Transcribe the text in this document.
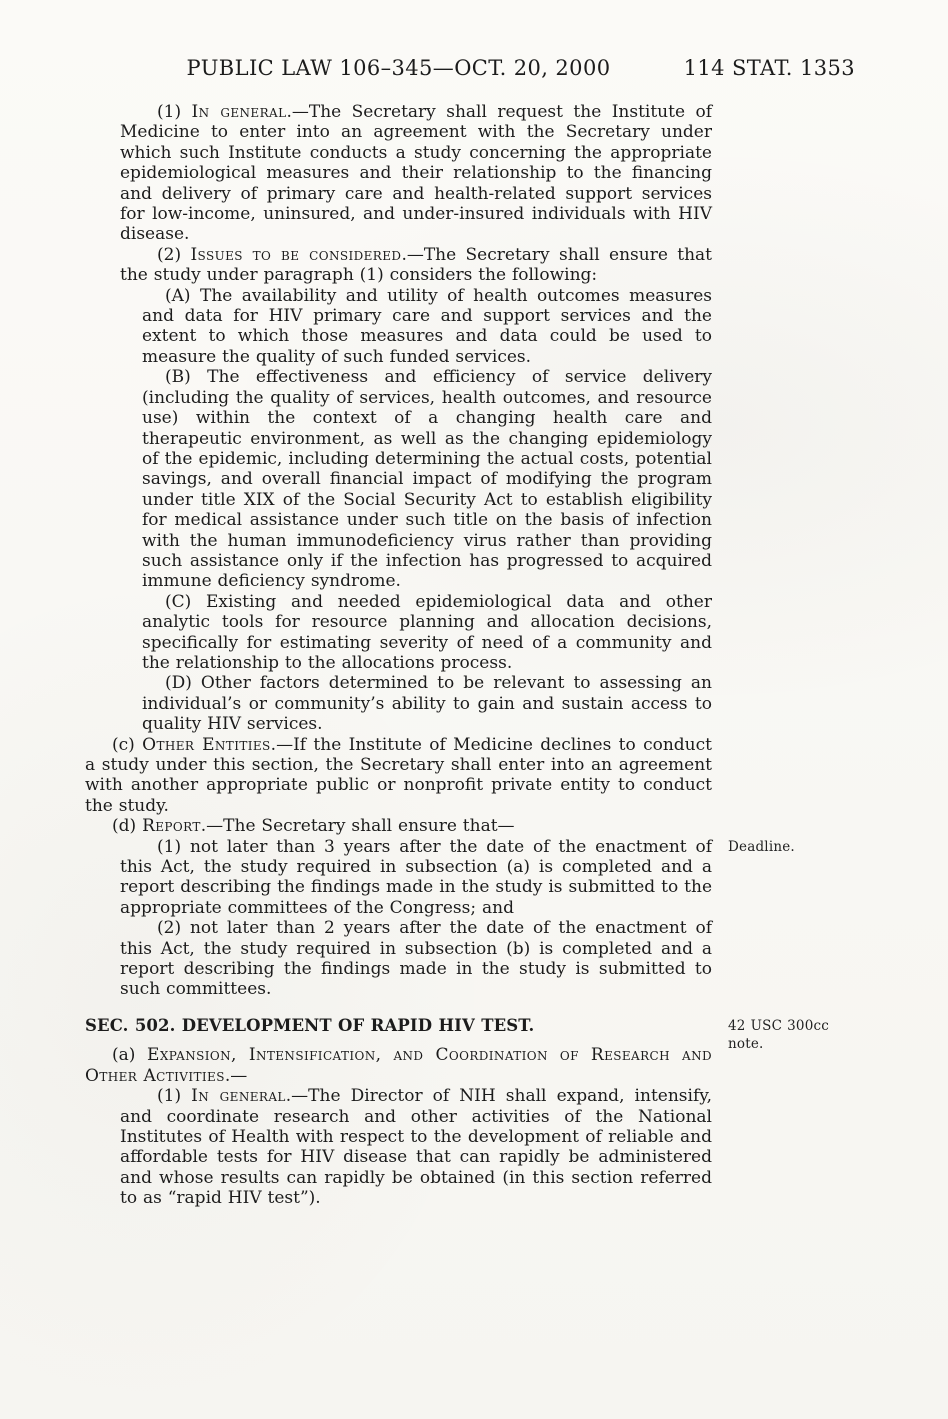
PUBLIC LAW 106–345—OCT. 20, 2000	114 STAT. 1353

(1) In general.—The Secretary shall request the Institute of Medicine to enter into an agreement with the Secretary under which such Institute conducts a study concerning the appropriate epidemiological measures and their relationship to the financing and delivery of primary care and health-related support services for low-income, uninsured, and under-insured individuals with HIV disease.

(2) Issues to be considered.—The Secretary shall ensure that the study under paragraph (1) considers the following:

(A) The availability and utility of health outcomes measures and data for HIV primary care and support services and the extent to which those measures and data could be used to measure the quality of such funded services.

(B) The effectiveness and efficiency of service delivery (including the quality of services, health outcomes, and resource use) within the context of a changing health care and therapeutic environment, as well as the changing epidemiology of the epidemic, including determining the actual costs, potential savings, and overall financial impact of modifying the program under title XIX of the Social Security Act to establish eligibility for medical assistance under such title on the basis of infection with the human immunodeficiency virus rather than providing such assistance only if the infection has progressed to acquired immune deficiency syndrome.

(C) Existing and needed epidemiological data and other analytic tools for resource planning and allocation decisions, specifically for estimating severity of need of a community and the relationship to the allocations process.

(D) Other factors determined to be relevant to assessing an individual’s or community’s ability to gain and sustain access to quality HIV services.

(c) Other Entities.—If the Institute of Medicine declines to conduct a study under this section, the Secretary shall enter into an agreement with another appropriate public or nonprofit private entity to conduct the study.

(d) Report.—The Secretary shall ensure that—

Deadline.
(1) not later than 3 years after the date of the enactment of this Act, the study required in subsection (a) is completed and a report describing the findings made in the study is submitted to the appropriate committees of the Congress; and

(2) not later than 2 years after the date of the enactment of this Act, the study required in subsection (b) is completed and a report describing the findings made in the study is submitted to such committees.

42 USC 300cc note.
SEC. 502. DEVELOPMENT OF RAPID HIV TEST.

(a) Expansion, Intensification, and Coordination of Research and Other Activities.—

(1) In general.—The Director of NIH shall expand, intensify, and coordinate research and other activities of the National Institutes of Health with respect to the development of reliable and affordable tests for HIV disease that can rapidly be administered and whose results can rapidly be obtained (in this section referred to as “rapid HIV test”).
